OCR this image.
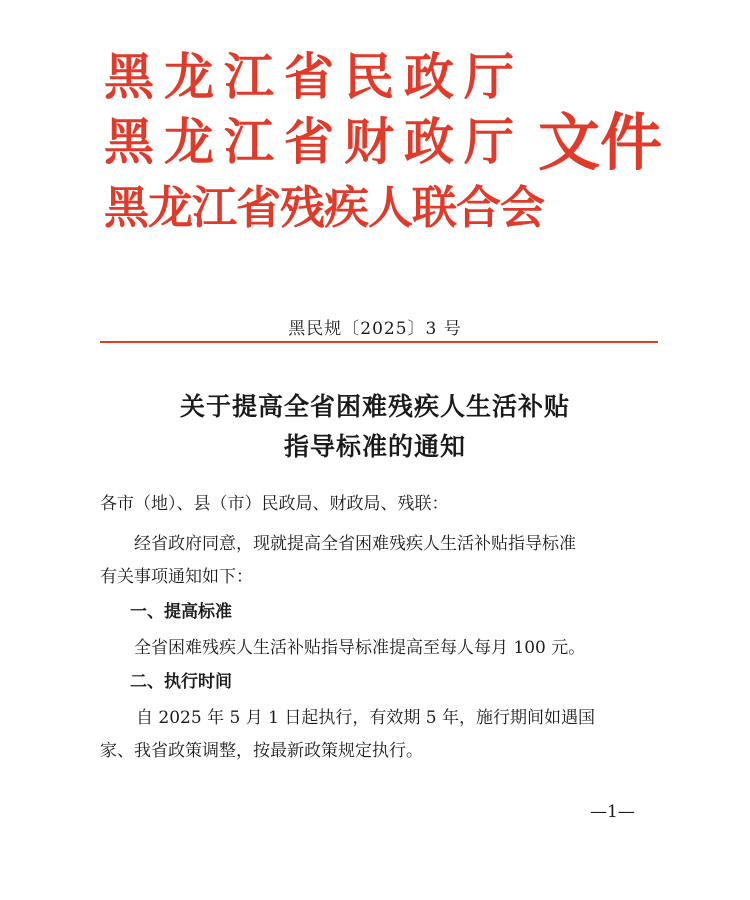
黑龙江省民政厅
黑龙江省财政厅
黑龙江省残疾人联合会
文件
黑民规〔2025〕3 号
关于提高全省困难残疾人生活补贴
指导标准的通知
各市（地）、县（市）民政局、财政局、残联：
经省政府同意，现就提高全省困难残疾人生活补贴指导标准
有关事项通知如下：
一、提高标准
全省困难残疾人生活补贴指导标准提高至每人每月 100 元。
二、执行时间
自 2025 年 5 月 1 日起执行，有效期 5 年，施行期间如遇国
家、我省政策调整，按最新政策规定执行。
—1—
